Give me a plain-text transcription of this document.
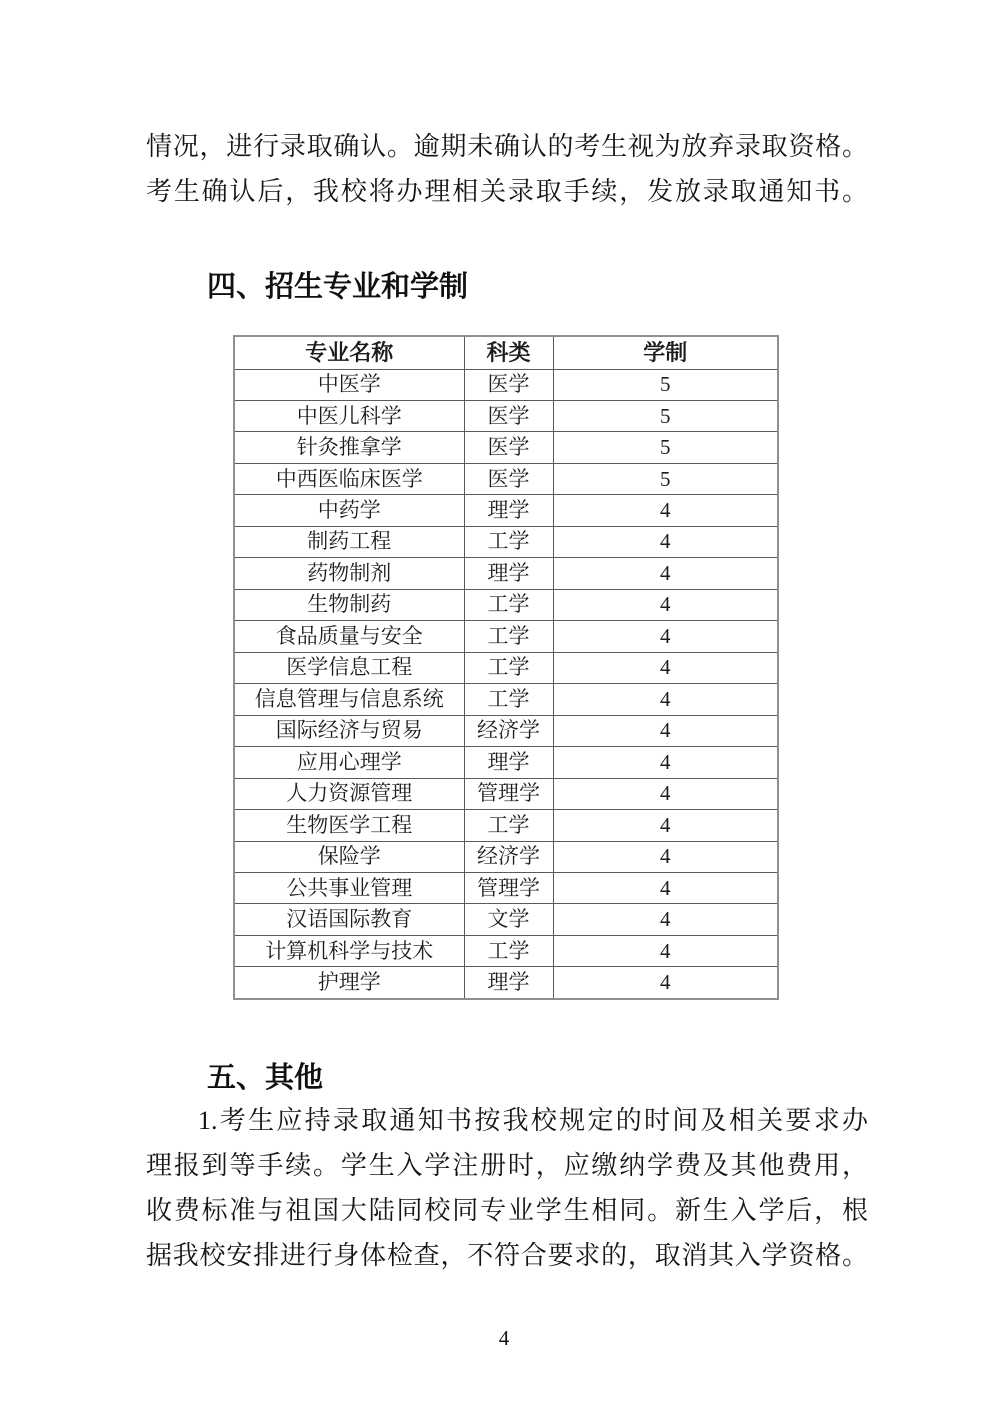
情况，进行录取确认。逾期未确认的考生视为放弃录取资格。
考生确认后，我校将办理相关录取手续，发放录取通知书。
四、招生专业和学制
专业名称	科类	学制
中医学	医学	5
中医儿科学	医学	5
针灸推拿学	医学	5
中西医临床医学	医学	5
中药学	理学	4
制药工程	工学	4
药物制剂	理学	4
生物制药	工学	4
食品质量与安全	工学	4
医学信息工程	工学	4
信息管理与信息系统	工学	4
国际经济与贸易	经济学	4
应用心理学	理学	4
人力资源管理	管理学	4
生物医学工程	工学	4
保险学	经济学	4
公共事业管理	管理学	4
汉语国际教育	文学	4
计算机科学与技术	工学	4
护理学	理学	4
五、其他
1.考生应持录取通知书按我校规定的时间及相关要求办
理报到等手续。学生入学注册时，应缴纳学费及其他费用，
收费标准与祖国大陆同校同专业学生相同。新生入学后，根
据我校安排进行身体检查，不符合要求的，取消其入学资格。
4
